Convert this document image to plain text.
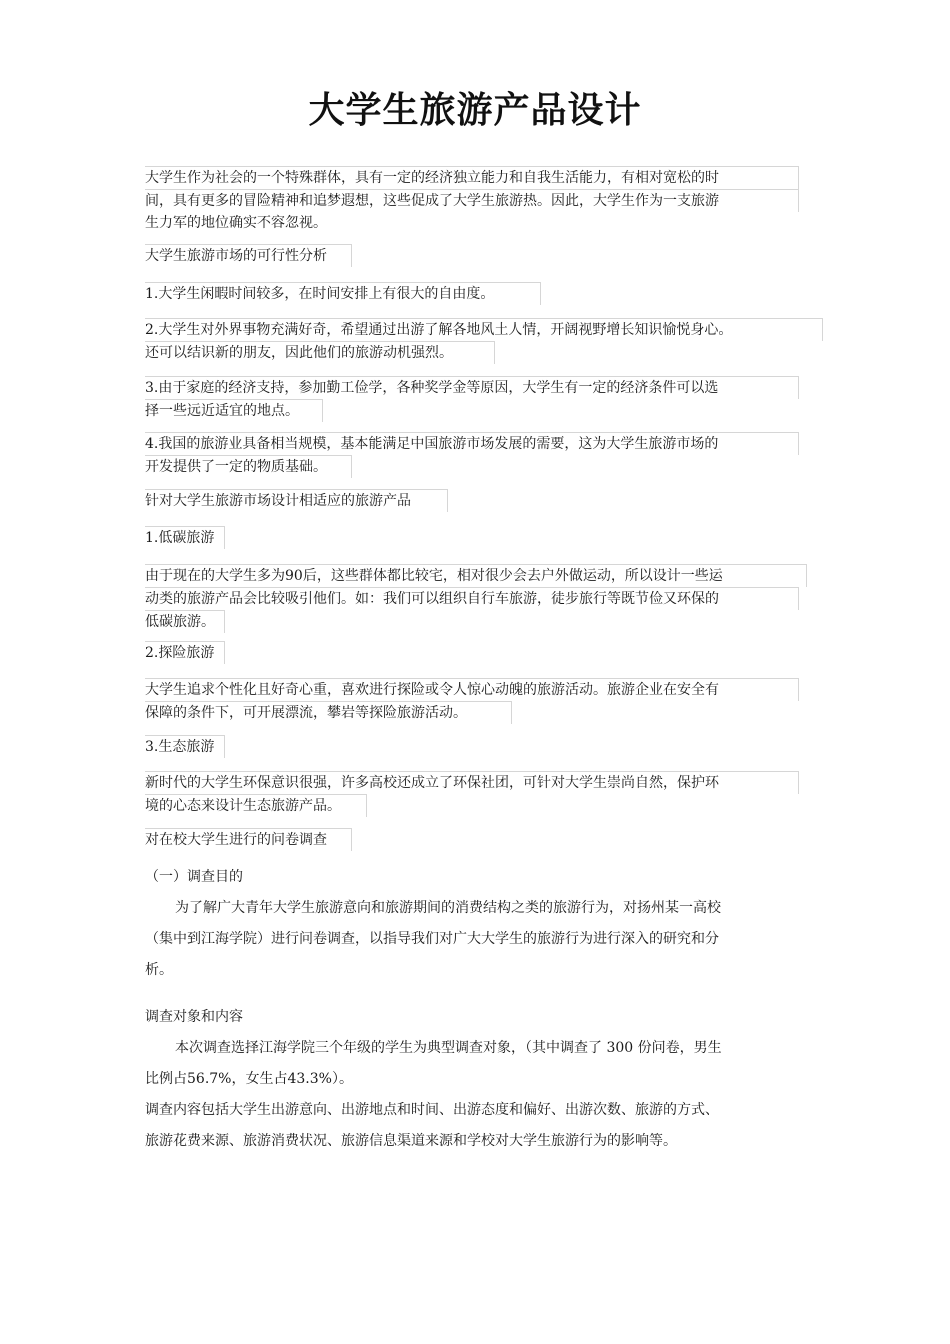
大学生旅游产品设计
大学生作为社会的一个特殊群体，具有一定的经济独立能力和自我生活能力，有相对宽松的时
间，具有更多的冒险精神和追梦遐想，这些促成了大学生旅游热。因此，大学生作为一支旅游
生力军的地位确实不容忽视。
大学生旅游市场的可行性分析
1.大学生闲暇时间较多，在时间安排上有很大的自由度。
2.大学生对外界事物充满好奇，希望通过出游了解各地风土人情，开阔视野增长知识愉悦身心。
还可以结识新的朋友，因此他们的旅游动机强烈。
3.由于家庭的经济支持，参加勤工俭学，各种奖学金等原因，大学生有一定的经济条件可以选
择一些远近适宜的地点。
4.我国的旅游业具备相当规模，基本能满足中国旅游市场发展的需要，这为大学生旅游市场的
开发提供了一定的物质基础。
针对大学生旅游市场设计相适应的旅游产品
1.低碳旅游
由于现在的大学生多为90后，这些群体都比较宅，相对很少会去户外做运动，所以设计一些运
动类的旅游产品会比较吸引他们。如：我们可以组织自行车旅游，徒步旅行等既节俭又环保的
低碳旅游。
2.探险旅游
大学生追求个性化且好奇心重，喜欢进行探险或令人惊心动魄的旅游活动。旅游企业在安全有
保障的条件下，可开展漂流，攀岩等探险旅游活动。
3.生态旅游
新时代的大学生环保意识很强，许多高校还成立了环保社团，可针对大学生崇尚自然，保护环
境的心态来设计生态旅游产品。
对在校大学生进行的问卷调查
（一）调查目的
为了解广大青年大学生旅游意向和旅游期间的消费结构之类的旅游行为，对扬州某一高校
（集中到江海学院）进行问卷调查，以指导我们对广大大学生的旅游行为进行深入的研究和分
析。
调查对象和内容
本次调查选择江海学院三个年级的学生为典型调查对象，（其中调查了 300 份问卷，男生
比例占56.7%，女生占43.3%）。
调查内容包括大学生出游意向、出游地点和时间、出游态度和偏好、出游次数、旅游的方式、
旅游花费来源、旅游消费状况、旅游信息渠道来源和学校对大学生旅游行为的影响等。
